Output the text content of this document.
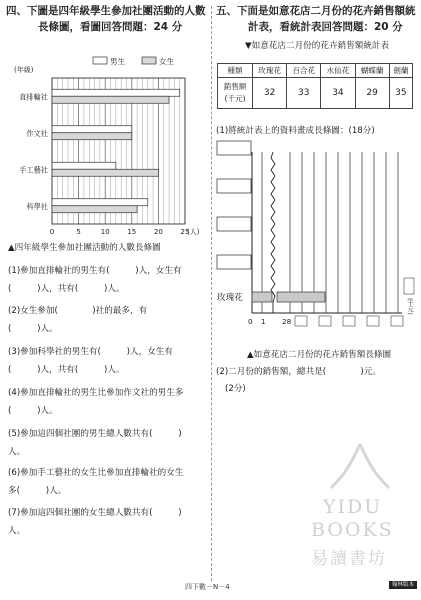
四、下圖是四年級學生參加社團活動的人數
長條圖，看圖回答問題：24 分
男生	女生
(年級)
0	5	10	15	20	25
(人)
直排輪社
作文社
手工藝社
科學社
▲四年級學生參加社團活動的人數長條圖
(1)參加直排輪社的男生有(　　　)人，女生有
(　　　)人，共有(　　　)人。
(2)女生參加(　　　　)社的最多，有
(　　　)人。
(3)參加科學社的男生有(　　　)人，女生有
(　　　)人，共有(　　　)人。
(4)參加直排輪社的男生比參加作文社的男生多
(　　　)人。
(5)參加這四個社團的男生總人數共有(　　　)
人。
(6)參加手工藝社的女生比參加直排輪社的女生
多(　　　)人。
(7)參加這四個社團的女生總人數共有(　　　)
人。
五、下面是如意花店二月份的花卉銷售額統
計表，看統計表回答問題：20 分
▼如意花店二月份的花卉銷售額統計表
種類	玫瑰花	百合花	水仙花	蝴蝶蘭	劍蘭

銷售額
(千元)	32	33	34	29	35
(1)將統計表上的資料畫成長條圖：(18分)
玫瑰花
0 1 28
(千元)
▲如意花店二月份的花卉銷售額長條圖
(2)二月份的銷售額，總共是(　　　　)元。
(2分)
YIDU
BOOKS
易讀書坊
四下數－N－4	翰林版本
